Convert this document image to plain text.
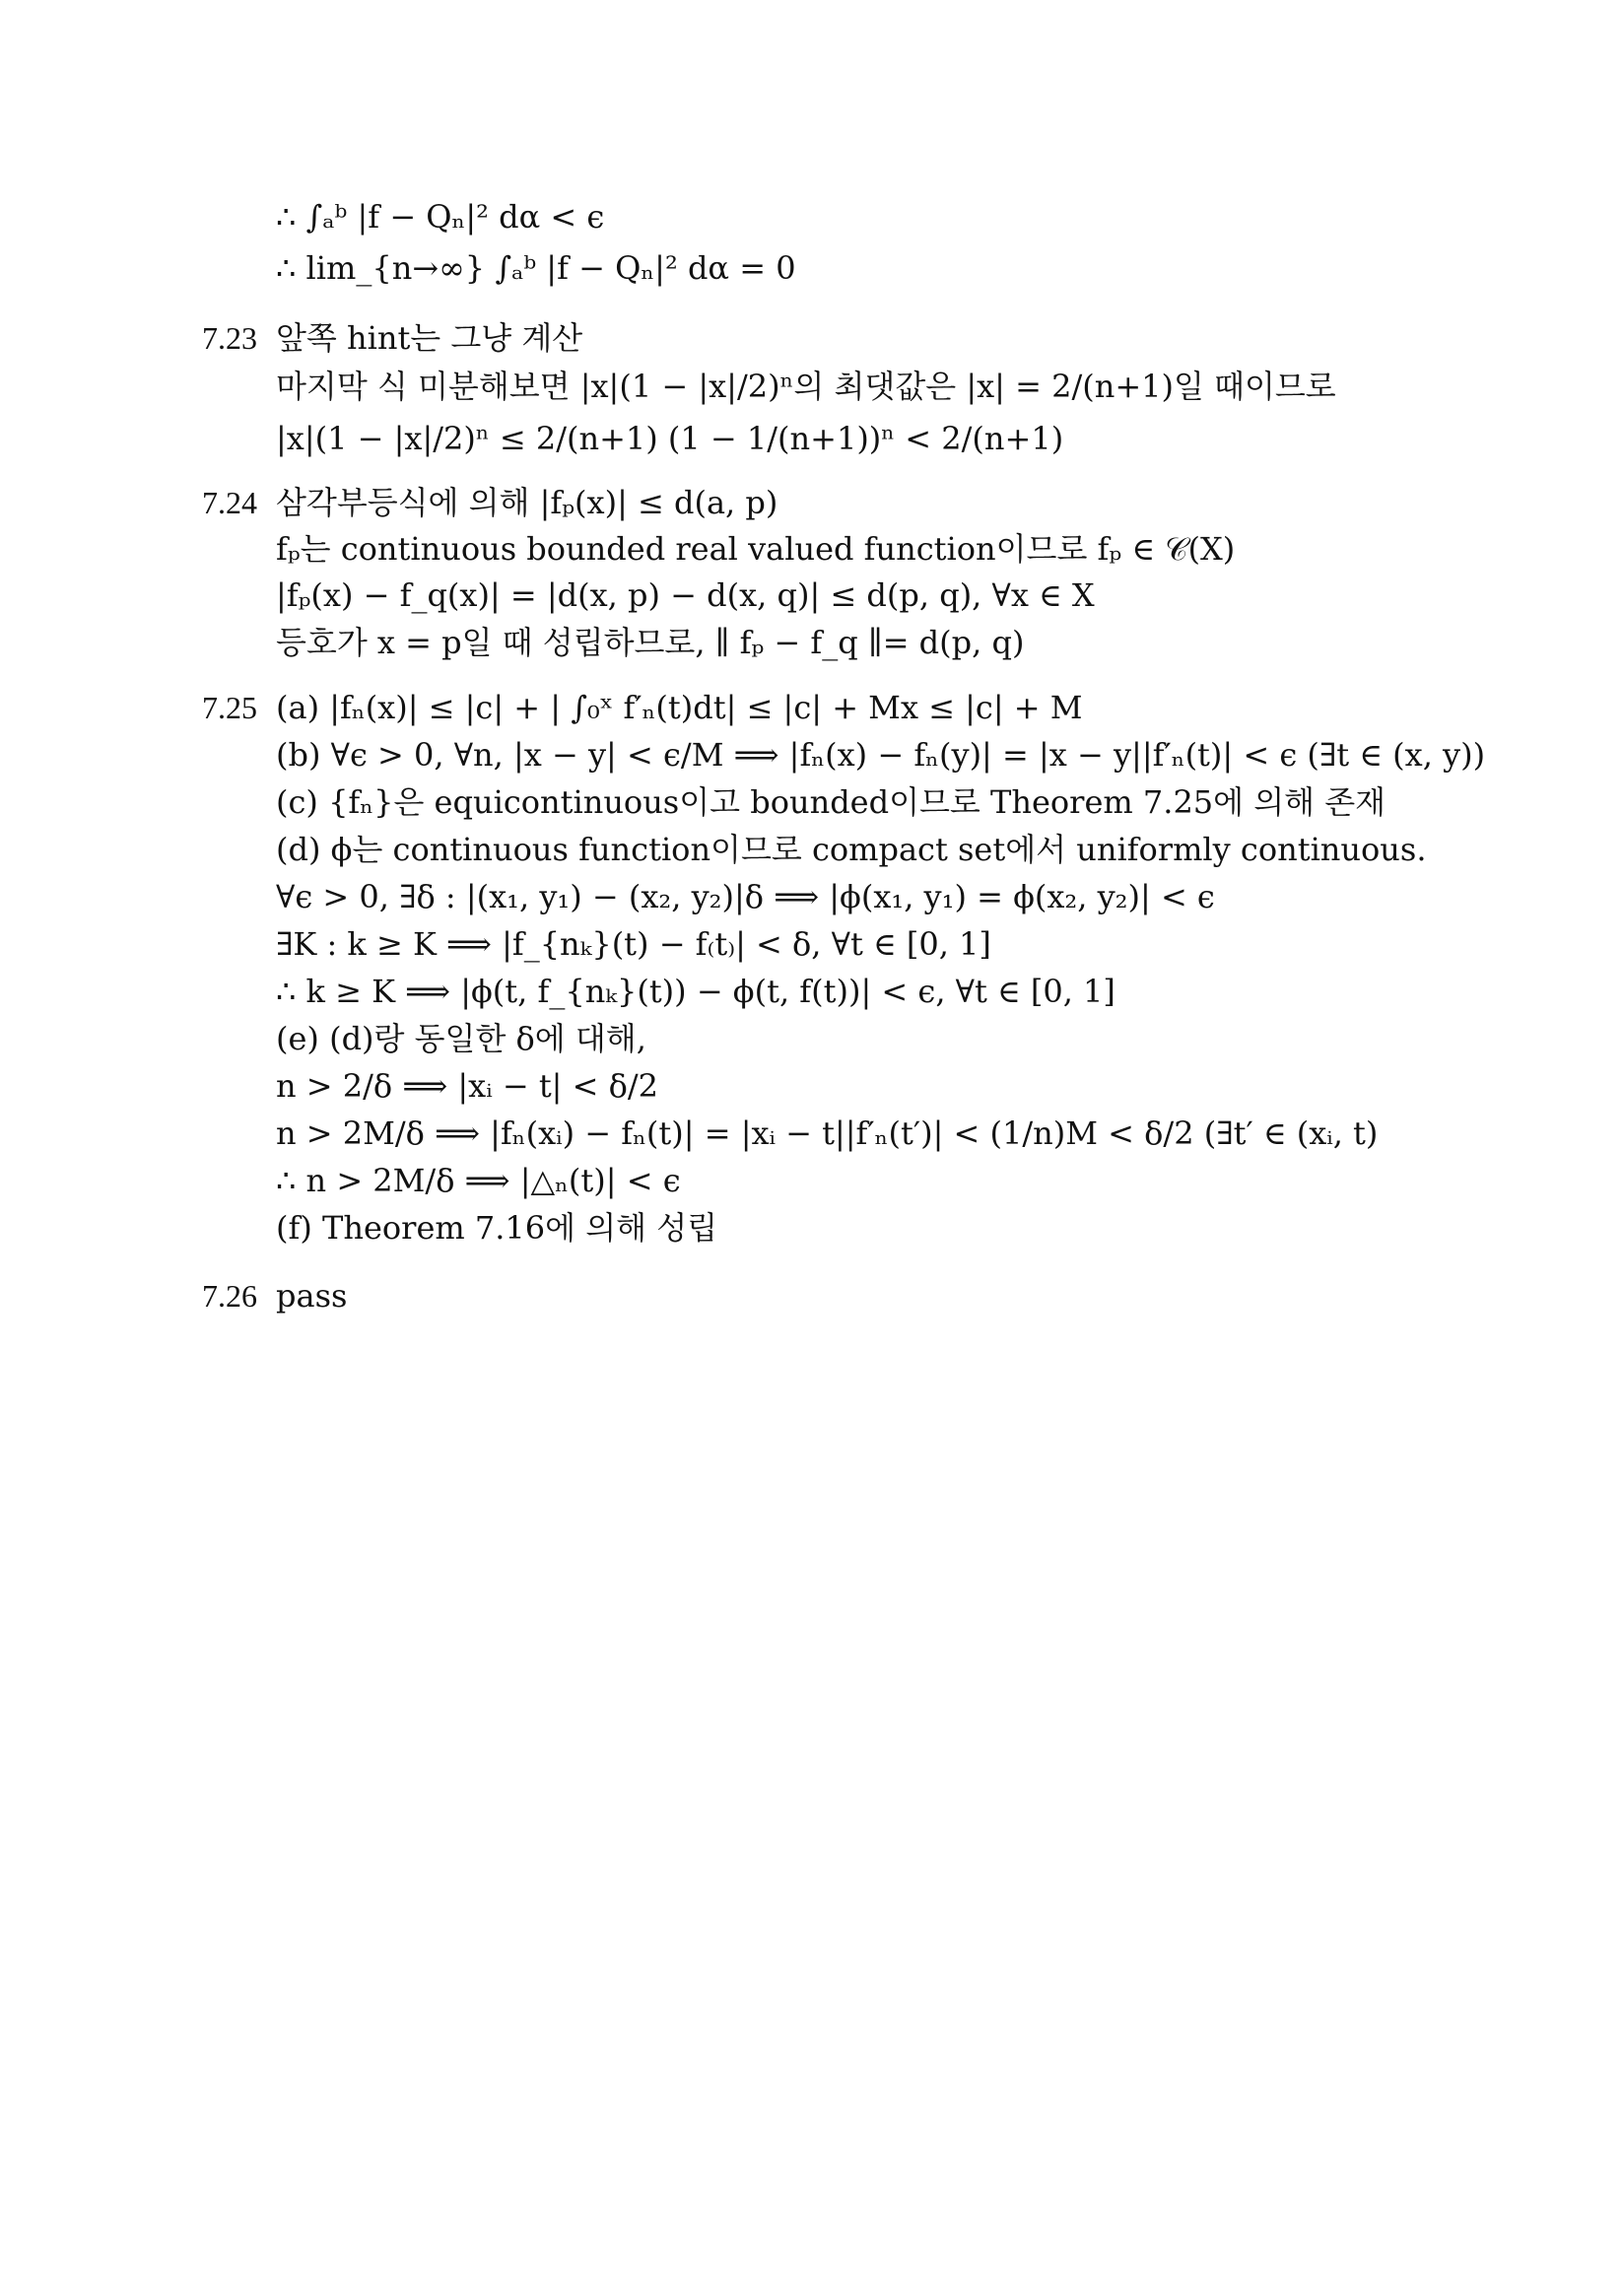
∴ ∫ₐᵇ |f − Qₙ|² dα < ϵ
∴ lim_{n→∞} ∫ₐᵇ |f − Qₙ|² dα = 0
7.23 앞쪽 hint는 그냥 계산
마지막 식 미분해보면 |x|(1 − |x|/2)ⁿ의 최댓값은 |x| = 2/(n+1)일 때이므로
|x|(1 − |x|/2)ⁿ ≤ 2/(n+1) (1 − 1/(n+1))ⁿ < 2/(n+1)
7.24 삼각부등식에 의해 |fₚ(x)| ≤ d(a, p)
fₚ는 continuous bounded real valued function이므로 fₚ ∈ 𝒞(X)
|fₚ(x) − f_q(x)| = |d(x, p) − d(x, q)| ≤ d(p, q), ∀x ∈ X
등호가 x = p일 때 성립하므로, ∥ fₚ − f_q ∥= d(p, q)
7.25 (a) |fₙ(x)| ≤ |c| + | ∫₀ˣ f′ₙ(t)dt| ≤ |c| + Mx ≤ |c| + M
(b) ∀ϵ > 0, ∀n, |x − y| < ϵ/M ⟹ |fₙ(x) − fₙ(y)| = |x − y||f′ₙ(t)| < ϵ (∃t ∈ (x, y))
(c) {fₙ}은 equicontinuous이고 bounded이므로 Theorem 7.25에 의해 존재
(d) ϕ는 continuous function이므로 compact set에서 uniformly continuous.
∀ϵ > 0, ∃δ : |(x₁, y₁) − (x₂, y₂)|δ ⟹ |ϕ(x₁, y₁) = ϕ(x₂, y₂)| < ϵ
∃K : k ≥ K ⟹ |f_{nₖ}(t) − f₍t₎| < δ, ∀t ∈ [0, 1]
∴ k ≥ K ⟹ |ϕ(t, f_{nₖ}(t)) − ϕ(t, f(t))| < ϵ, ∀t ∈ [0, 1]
(e) (d)랑 동일한 δ에 대해,
n > 2/δ ⟹ |xᵢ − t| < δ/2
n > 2M/δ ⟹ |fₙ(xᵢ) − fₙ(t)| = |xᵢ − t||f′ₙ(t′)| < (1/n)M < δ/2 (∃t′ ∈ (xᵢ, t)
∴ n > 2M/δ ⟹ |△ₙ(t)| < ϵ
(f) Theorem 7.16에 의해 성립
7.26 pass
